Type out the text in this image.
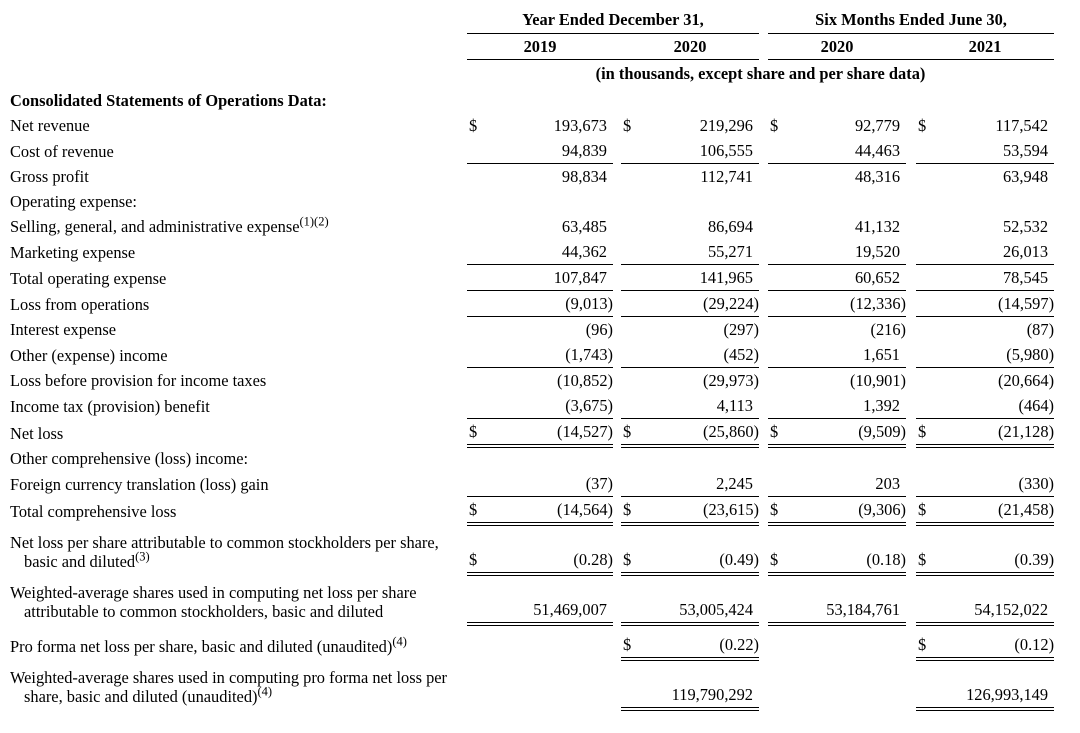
	Year Ended December 31,						Six Months Ended June 30,				
	2019			2020			2020			2021	
	(in thousands, except share and per share data)										
Consolidated Statements of Operations Data:											
Net revenue	$	193,673		$	219,296		$	92,779		$	117,542
Cost of revenue		94,839			106,555			44,463			53,594
Gross profit		98,834			112,741			48,316			63,948
Operating expense:											
Selling, general, and administrative expense$^{(1)(2)}$		63,485			86,694			41,132			52,532
Marketing expense		44,362			55,271			19,520			26,013
Total operating expense		107,847			141,965			60,652			78,545
Loss from operations		(9,013)			(29,224)			(12,336)			(14,597)
Interest expense		(96)			(297)			(216)			(87)
Other (expense) income		(1,743)			(452)			1,651			(5,980)
Loss before provision for income taxes		(10,852)			(29,973)			(10,901)			(20,664)
Income tax (provision) benefit		(3,675)			4,113			1,392			(464)
Net loss	$	(14,527)		$	(25,860)		$	(9,509)		$	(21,128)
Other comprehensive (loss) income:											
Foreign currency translation (loss) gain		(37)			2,245			203			(330)
Total comprehensive loss	$	(14,564)		$	(23,615)		$	(9,306)		$	(21,458)
Net loss per share attributable to common stockholders per share, basic and diluted$^{(3)}$	$	(0.28)		$	(0.49)		$	(0.18)		$	(0.39)
Weighted-average shares used in computing net loss per share attributable to common stockholders, basic and diluted		51,469,007			53,005,424			53,184,761			54,152,022
Pro forma net loss per share, basic and diluted (unaudited)$^{(4)}$				$	(0.22)					$	(0.12)
Weighted-average shares used in computing pro forma net loss per share, basic and diluted (unaudited)$^{(4)}$					119,790,292						126,993,149
